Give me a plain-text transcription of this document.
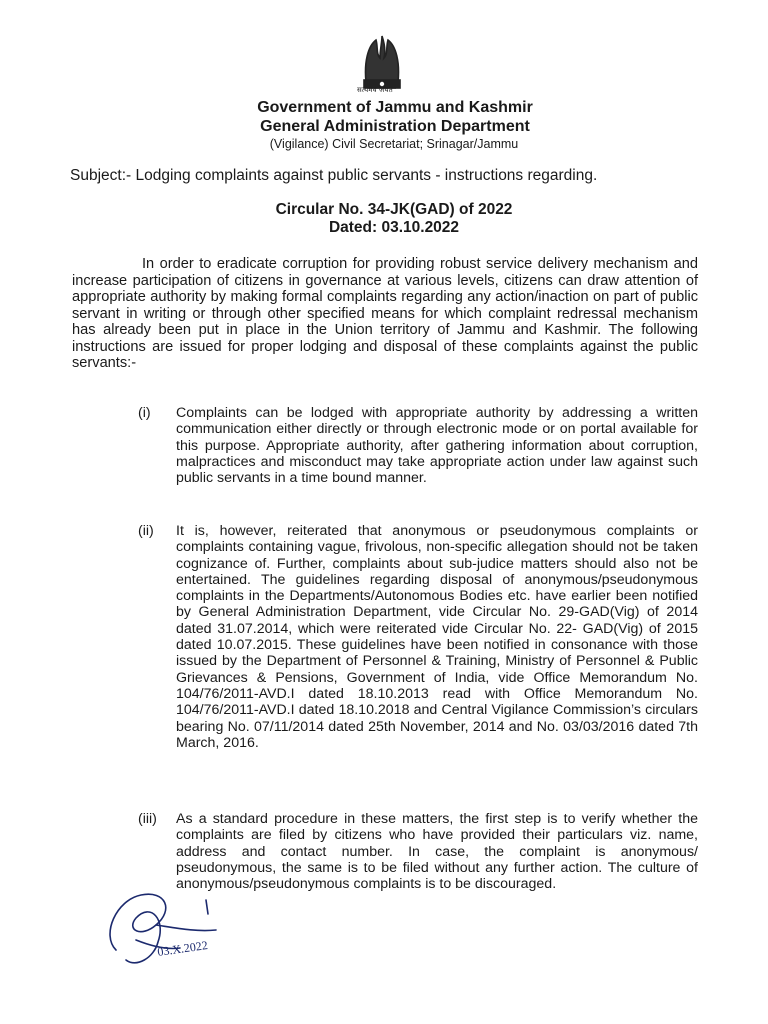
सत्यमेव जयते
Government of Jammu and Kashmir
General Administration Department
(Vigilance) Civil Secretariat; Srinagar/Jammu
Subject:- Lodging complaints against public servants - instructions regarding.
Circular No. 34-JK(GAD) of 2022
Dated: 03.10.2022
In order to eradicate corruption for providing robust service delivery mechanism and increase participation of citizens in governance at various levels, citizens can draw attention of appropriate authority by making formal complaints regarding any action/inaction on part of public servant in writing or through other specified means for which complaint redressal mechanism has already been put in place in the Union territory of Jammu and Kashmir. The following instructions are issued for proper lodging and disposal of these complaints against the public servants:-
(i) Complaints can be lodged with appropriate authority by addressing a written communication either directly or through electronic mode or on portal available for this purpose. Appropriate authority, after gathering information about corruption, malpractices and misconduct may take appropriate action under law against such public servants in a time bound manner.
(ii) It is, however, reiterated that anonymous or pseudonymous complaints or complaints containing vague, frivolous, non-specific allegation should not be taken cognizance of. Further, complaints about sub-judice matters should also not be entertained. The guidelines regarding disposal of anonymous/pseudonymous complaints in the Departments/Autonomous Bodies etc. have earlier been notified by General Administration Department, vide Circular No. 29-GAD(Vig) of 2014 dated 31.07.2014, which were reiterated vide Circular No. 22- GAD(Vig) of 2015 dated 10.07.2015. These guidelines have been notified in consonance with those issued by the Department of Personnel & Training, Ministry of Personnel & Public Grievances & Pensions, Government of India, vide Office Memorandum No. 104/76/2011-AVD.I dated 18.10.2013 read with Office Memorandum No. 104/76/2011-AVD.I dated 18.10.2018 and Central Vigilance Commission’s circulars bearing No. 07/11/2014 dated 25th November, 2014 and No. 03/03/2016 dated 7th March, 2016.
(iii) As a standard procedure in these matters, the first step is to verify whether the complaints are filed by citizens who have provided their particulars viz. name, address and contact number. In case, the complaint is anonymous/ pseudonymous, the same is to be filed without any further action. The culture of anonymous/pseudonymous complaints is to be discouraged.
03.X.2022
